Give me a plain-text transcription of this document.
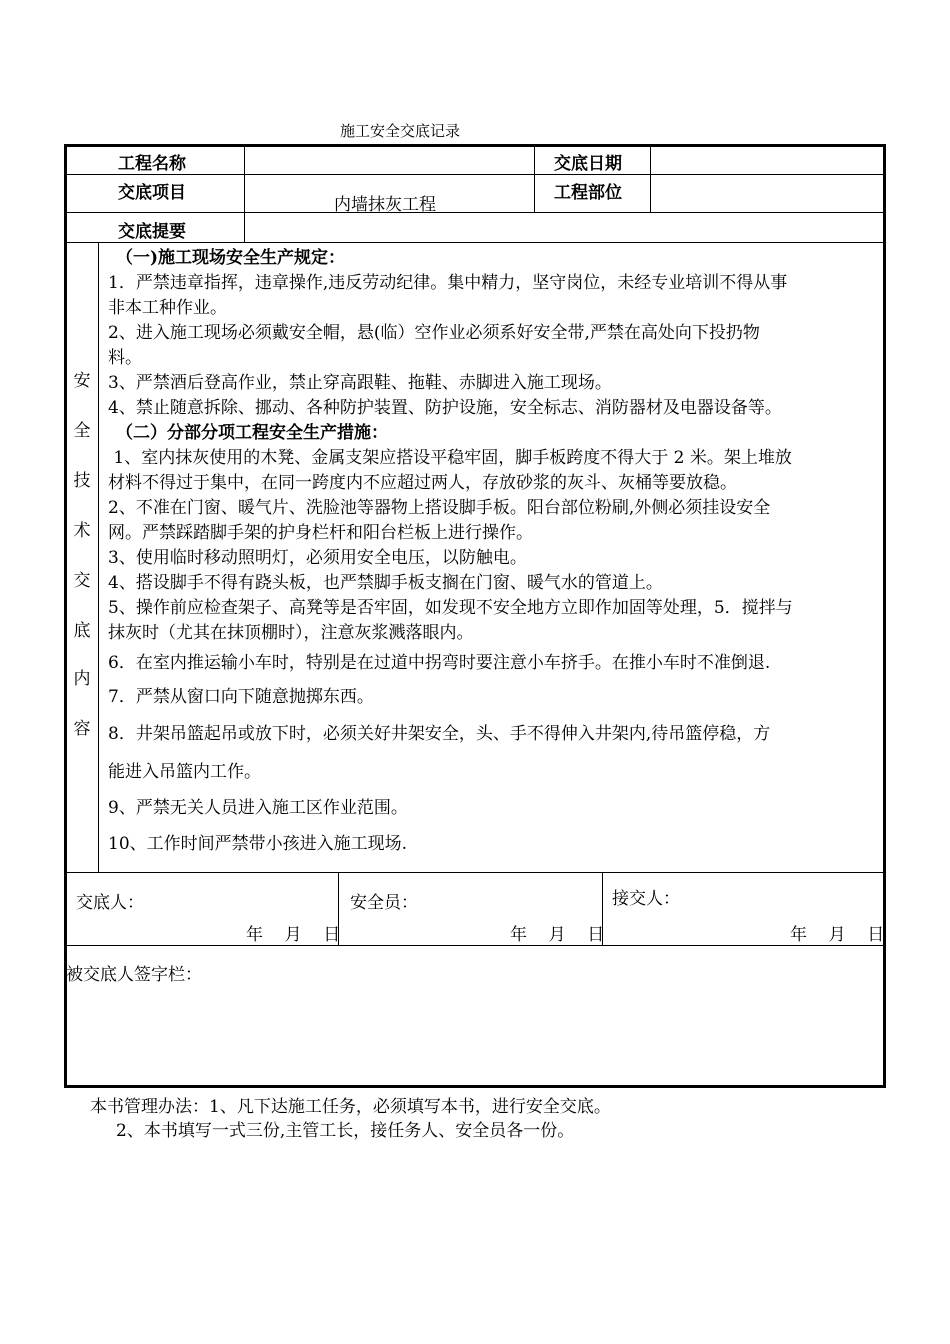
施工安全交底记录
工程名称	交底日期
交底项目
内墙抹灰工程
工程部位
交底提要
安
全
技
术
交
底
内
容

（一)施工现场安全生产规定：

1．严禁违章指挥，违章操作,违反劳动纪律。集中精力，坚守岗位，未经专业培训不得从事

非本工种作业。

2、进入施工现场必须戴安全帽，悬(临）空作业必须系好安全带,严禁在高处向下投扔物

料。

3、严禁酒后登高作业，禁止穿高跟鞋、拖鞋、赤脚进入施工现场。

4、禁止随意拆除、挪动、各种防护装置、防护设施，安全标志、消防器材及电器设备等。

（二）分部分项工程安全生产措施：

1、室内抹灰使用的木凳、金属支架应搭设平稳牢固，脚手板跨度不得大于 2 米。架上堆放

材料不得过于集中，在同一跨度内不应超过两人，存放砂浆的灰斗、灰桶等要放稳。

2、不准在门窗、暖气片、洗脸池等器物上搭设脚手板。阳台部位粉刷,外侧必须挂设安全

网。严禁踩踏脚手架的护身栏杆和阳台栏板上进行操作。

3、使用临时移动照明灯，必须用安全电压，以防触电。

4、搭设脚手不得有跷头板，也严禁脚手板支搁在门窗、暖气水的管道上。

5、操作前应检查架子、高凳等是否牢固，如发现不安全地方立即作加固等处理，5．搅拌与

抹灰时（尤其在抹顶棚时），注意灰浆溅落眼内。

6．在室内推运输小车时，特别是在过道中拐弯时要注意小车挤手。在推小车时不准倒退.

7．严禁从窗口向下随意抛掷东西。

8．井架吊篮起吊或放下时，必须关好井架安全，头、手不得伸入井架内,待吊篮停稳，方

能进入吊篮内工作。

9、严禁无关人员进入施工区作业范围。

10、工作时间严禁带小孩进入施工现场.

交底人：
年    月    日
安全员：
年    月    日
接交人：
年    月    日
被交底人签字栏：
本书管理办法：1、凡下达施工任务，必须填写本书，进行安全交底。
2、本书填写一式三份,主管工长，接任务人、安全员各一份。
